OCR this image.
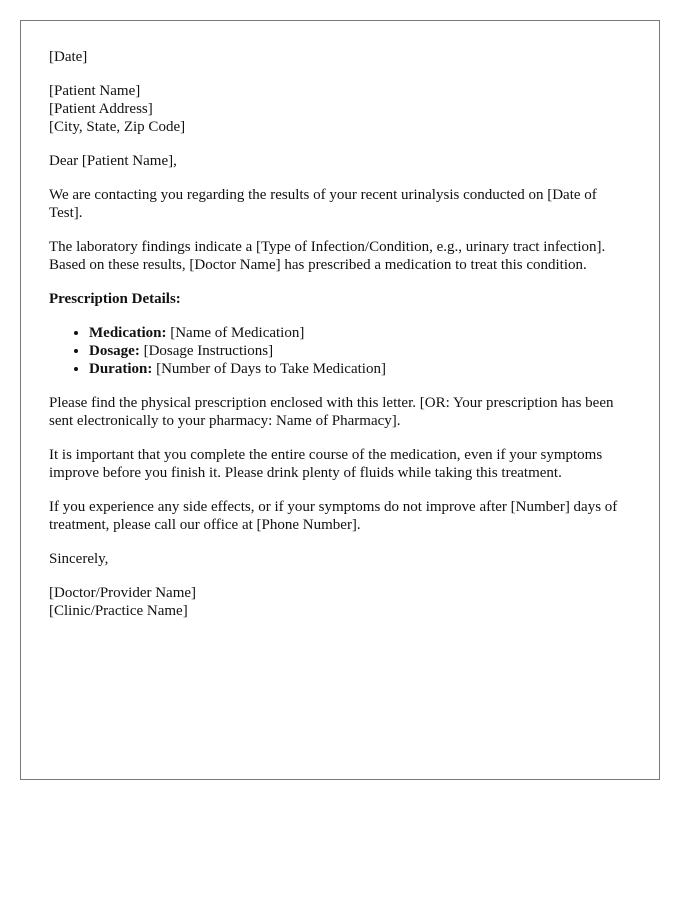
[Date]

[Patient Name]
[Patient Address]
[City, State, Zip Code]

Dear [Patient Name],

We are contacting you regarding the results of your recent urinalysis conducted on [Date of Test].

The laboratory findings indicate a [Type of Infection/Condition, e.g., urinary tract infection]. Based on these results, [Doctor Name] has prescribed a medication to treat this condition.

Prescription Details:

• Medication: [Name of Medication]
• Dosage: [Dosage Instructions]
• Duration: [Number of Days to Take Medication]

Please find the physical prescription enclosed with this letter. [OR: Your prescription has been sent electronically to your pharmacy: Name of Pharmacy].

It is important that you complete the entire course of the medication, even if your symptoms improve before you finish it. Please drink plenty of fluids while taking this treatment.

If you experience any side effects, or if your symptoms do not improve after [Number] days of treatment, please call our office at [Phone Number].

Sincerely,

[Doctor/Provider Name]
[Clinic/Practice Name]
